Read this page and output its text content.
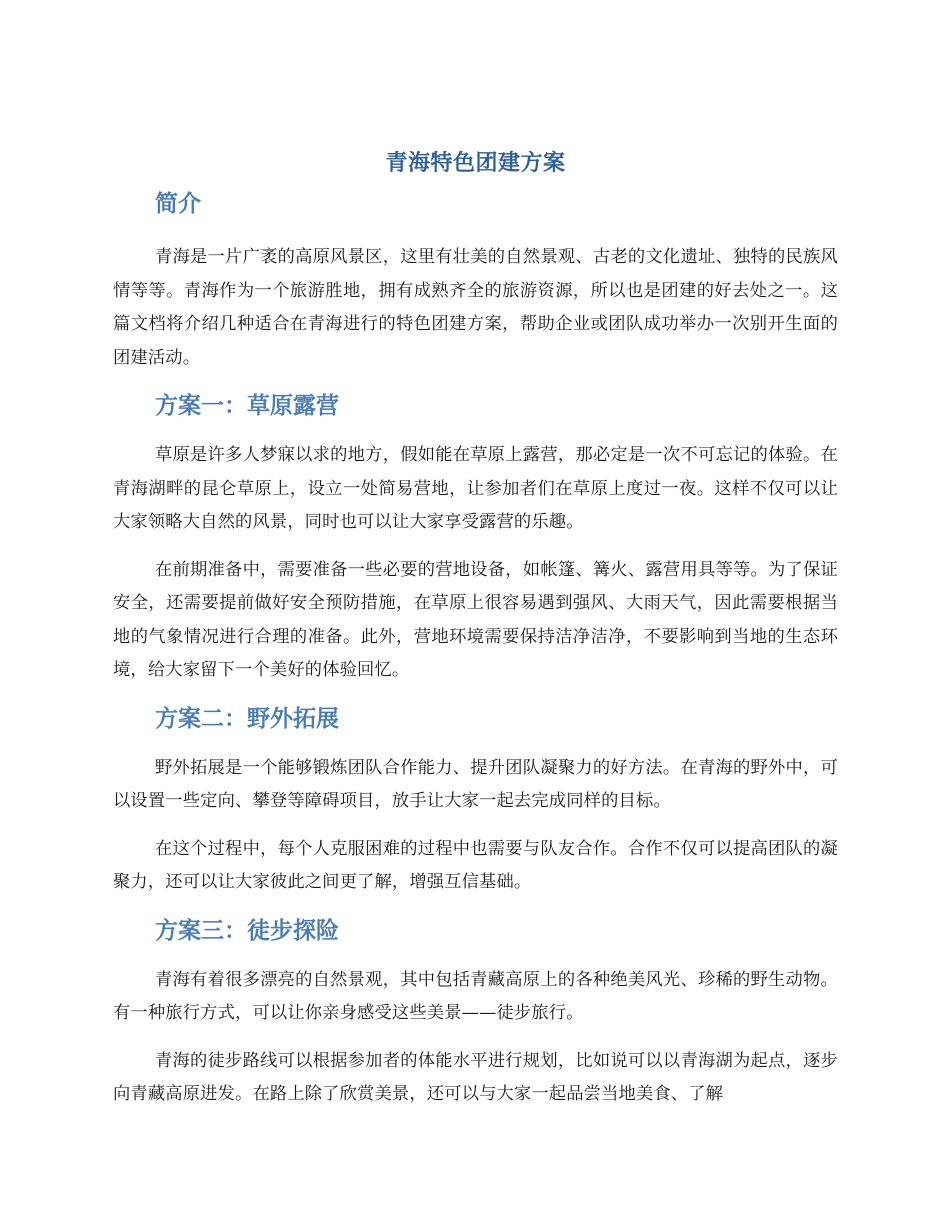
青海特色团建方案
简介

青海是一片广袤的高原风景区，这里有壮美的自然景观、古老的文化遗址、独特的民族风情等等。青海作为一个旅游胜地，拥有成熟齐全的旅游资源，所以也是团建的好去处之一。这篇文档将介绍几种适合在青海进行的特色团建方案，帮助企业或团队成功举办一次别开生面的团建活动。

方案一：草原露营

草原是许多人梦寐以求的地方，假如能在草原上露营，那必定是一次不可忘记的体验。在青海湖畔的昆仑草原上，设立一处简易营地，让参加者们在草原上度过一夜。这样不仅可以让大家领略大自然的风景，同时也可以让大家享受露营的乐趣。

在前期准备中，需要准备一些必要的营地设备，如帐篷、篝火、露营用具等等。为了保证安全，还需要提前做好安全预防措施，在草原上很容易遇到强风、大雨天气，因此需要根据当地的气象情况进行合理的准备。此外，营地环境需要保持洁净洁净，不要影响到当地的生态环境，给大家留下一个美好的体验回忆。

方案二：野外拓展

野外拓展是一个能够锻炼团队合作能力、提升团队凝聚力的好方法。在青海的野外中，可以设置一些定向、攀登等障碍项目，放手让大家一起去完成同样的目标。

在这个过程中，每个人克服困难的过程中也需要与队友合作。合作不仅可以提高团队的凝聚力，还可以让大家彼此之间更了解，增强互信基础。

方案三：徒步探险

青海有着很多漂亮的自然景观，其中包括青藏高原上的各种绝美风光、珍稀的野生动物。有一种旅行方式，可以让你亲身感受这些美景——徒步旅行。

青海的徒步路线可以根据参加者的体能水平进行规划，比如说可以以青海湖为起点，逐步向青藏高原进发。在路上除了欣赏美景，还可以与大家一起品尝当地美食、了解
